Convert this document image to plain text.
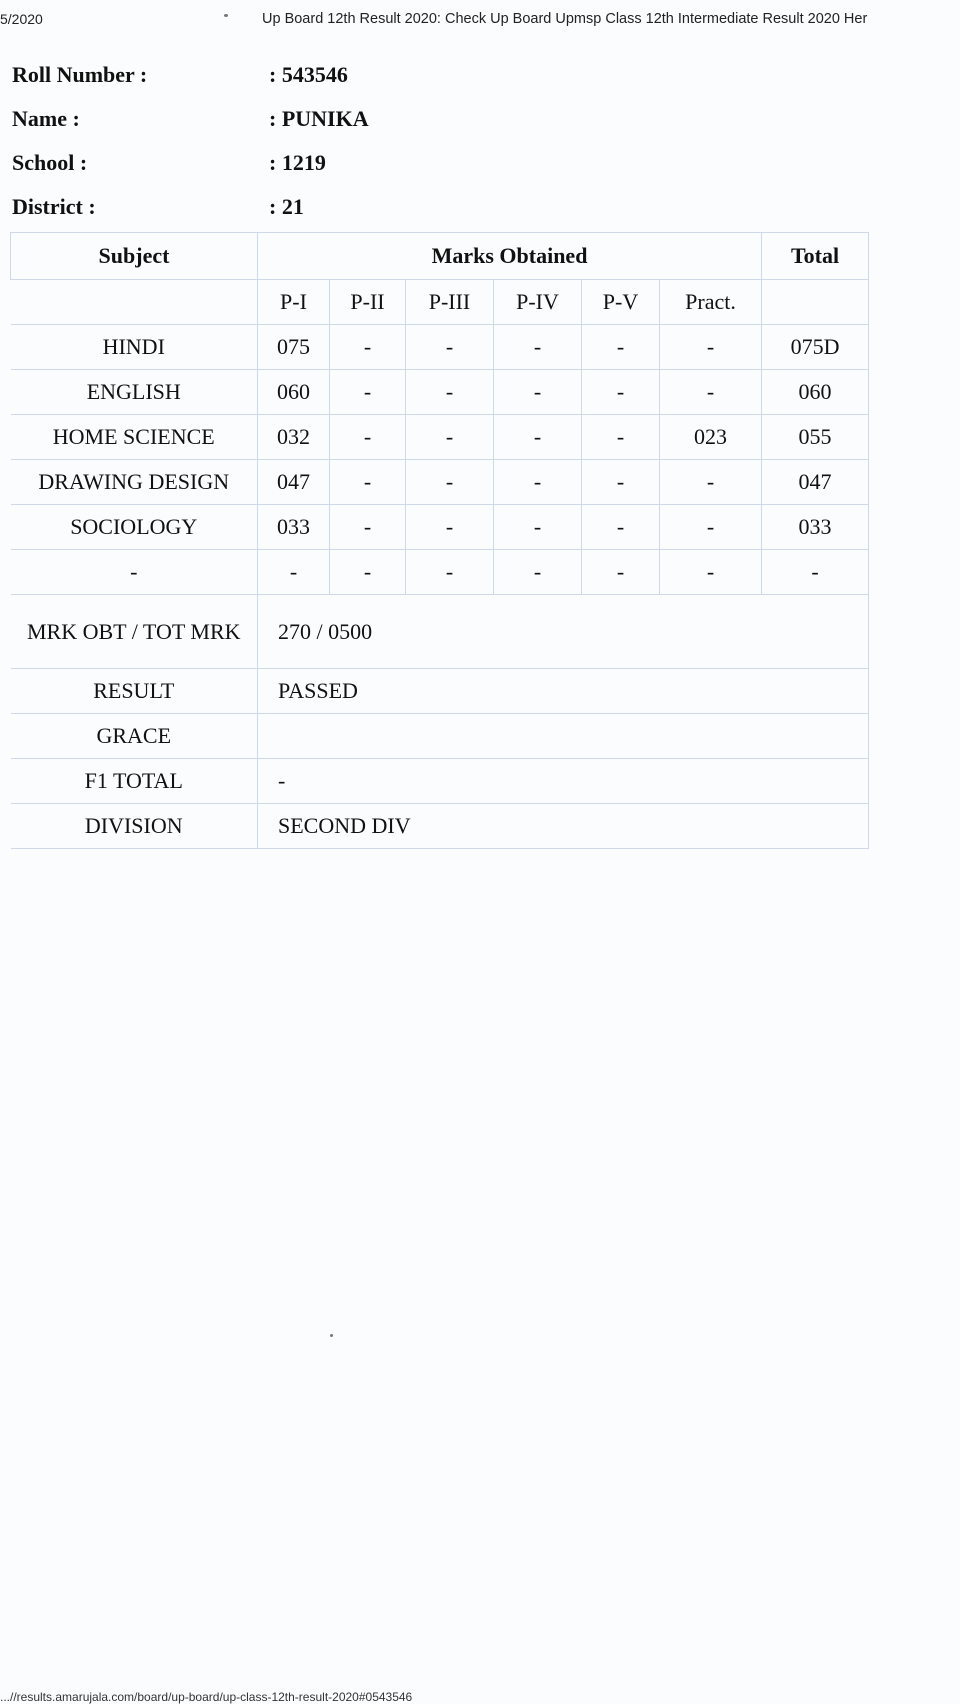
5/2020	Up Board 12th Result 2020: Check Up Board Upmsp Class 12th Intermediate Result 2020 Her
Roll Number :	: 543546
Name :	: PUNIKA
School :	: 1219
District :	: 21
Subject	Marks Obtained						Total
	P-I	P-II	P-III	P-IV	P-V	Pract.	
HINDI	075	-	-	-	-	-	075D
ENGLISH	060	-	-	-	-	-	060
HOME SCIENCE	032	-	-	-	-	023	055
DRAWING DESIGN	047	-	-	-	-	-	047
SOCIOLOGY	033	-	-	-	-	-	033
-	-	-	-	-	-	-	-
MRK OBT / TOT MRK	270 / 0500						
RESULT	PASSED						
GRACE							
F1 TOTAL	-						
DIVISION	SECOND DIV						
...//results.amarujala.com/board/up-board/up-class-12th-result-2020#0543546
